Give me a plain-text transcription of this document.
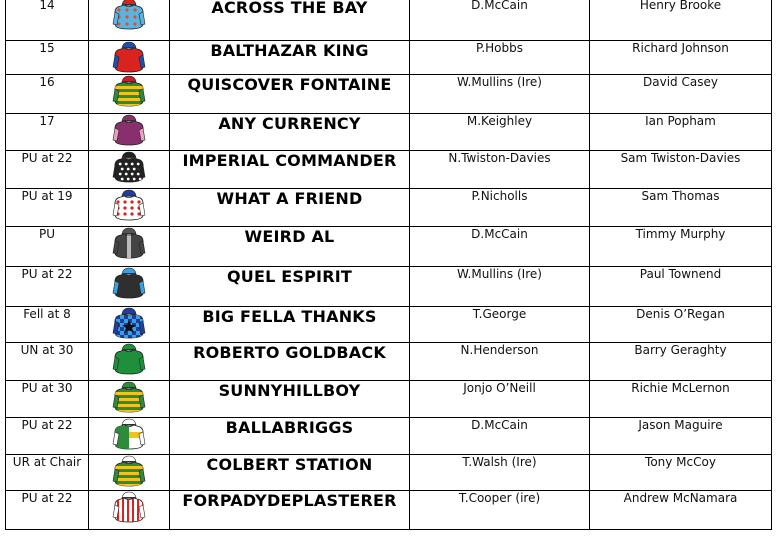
14		ACROSS THE BAY	D.McCain	Henry Brooke
15		BALTHAZAR KING	P.Hobbs	Richard Johnson
16		QUISCOVER FONTAINE	W.Mullins (Ire)	David Casey
17		ANY CURRENCY	M.Keighley	Ian Popham
PU at 22		IMPERIAL COMMANDER	N.Twiston-Davies	Sam Twiston-Davies
PU at 19		WHAT A FRIEND	P.Nicholls	Sam Thomas
PU		WEIRD AL	D.McCain	Timmy Murphy
PU at 22		QUEL ESPIRIT	W.Mullins (Ire)	Paul Townend
Fell at 8		BIG FELLA THANKS	T.George	Denis O’Regan
UN at 30		ROBERTO GOLDBACK	N.Henderson	Barry Geraghty
PU at 30		SUNNYHILLBOY	Jonjo O’Neill	Richie McLernon
PU at 22		BALLABRIGGS	D.McCain	Jason Maguire
UR at Chair		COLBERT STATION	T.Walsh (Ire)	Tony McCoy
PU at 22		FORPADYDEPLASTERER	T.Cooper (ire)	Andrew McNamara
